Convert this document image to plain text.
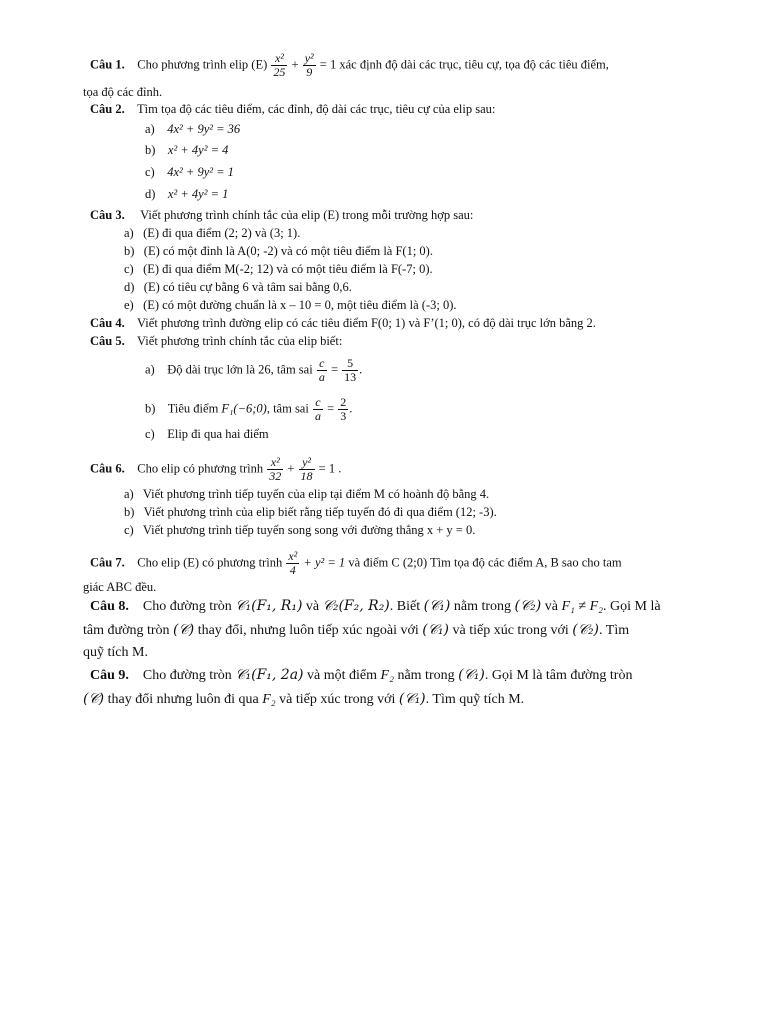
Câu 1. Cho phương trình elip $(E) \frac{\text{x²}}{25} + \frac{\text{y²}}{9} = 1$ xác định độ dài các trục, tiêu cự, tọa độ các tiêu điểm,
tọa độ các đỉnh.
Câu 2. Tìm tọa độ các tiêu điểm, các đỉnh, độ dài các trục, tiêu cự của elip sau:
a) 4x² + 9y² = 36
b) x² + 4y² = 4
c) 4x² + 9y² = 1
d) x² + 4y² = 1
Câu 3. Viết phương trình chính tắc của elip (E) trong mỗi trường hợp sau:
a) (E) đi qua điểm (2; 2) và (3; 1).
b) (E) có một đỉnh là A(0; -2) và có một tiêu điểm là F(1; 0).
c) (E) đi qua điểm M(-2; 12) và có một tiêu điểm là F(-7; 0).
d) (E) có tiêu cự bằng 6 và tâm sai bằng 0,6.
e) (E) có một đường chuẩn là x – 10 = 0, một tiêu điểm là (-3; 0).
Câu 4. Viết phương trình đường elip có các tiêu điểm F(0; 1) và F’(1; 0), có độ dài trục lớn bằng 2.
Câu 5. Viết phương trình chính tắc của elip biết:
a) Độ dài trục lớn là 26, tâm sai $\frac{c}{a} = \frac{5}{13}$ .
b) Tiêu điểm F₁(−6;0), tâm sai $\frac{c}{a} = \frac{2}{3}$ .
c) Elip đi qua hai điểm
Câu 6. Cho elip có phương trình $\frac{\text{x²}}{32} + \frac{\text{y²}}{18} = 1$ .
a) Viết phương trình tiếp tuyến của elip tại điểm M có hoành độ bằng 4.
b) Viết phương trình của elip biết rằng tiếp tuyến đó đi qua điểm (12; -3).
c) Viết phương trình tiếp tuyến song song với đường thẳng x + y = 0.
Câu 7. Cho elip (E) có phương trình $\frac{\text{x²}}{4} + y^2 = 1$ và điểm C (2;0) Tìm tọa độ các điểm A, B sao cho tam
giác ABC đều.
Câu 8. Cho đường tròn 𝒞₁(F₁, R₁) và 𝒞₂(F₂, R₂). Biết (𝒞₁) nằm trong (𝒞₂) và F₁ ≠ F₂. Gọi M là
tâm đường tròn (𝒞) thay đổi, nhưng luôn tiếp xúc ngoài với (𝒞₁) và tiếp xúc trong với (𝒞₂). Tìm
quỹ tích M.
Câu 9. Cho đường tròn 𝒞₁(F₁, 2a) và một điểm F₂ nằm trong (𝒞₁). Gọi M là tâm đường tròn
(𝒞) thay đổi nhưng luôn đi qua F₂ và tiếp xúc trong với (𝒞₁). Tìm quỹ tích M.
